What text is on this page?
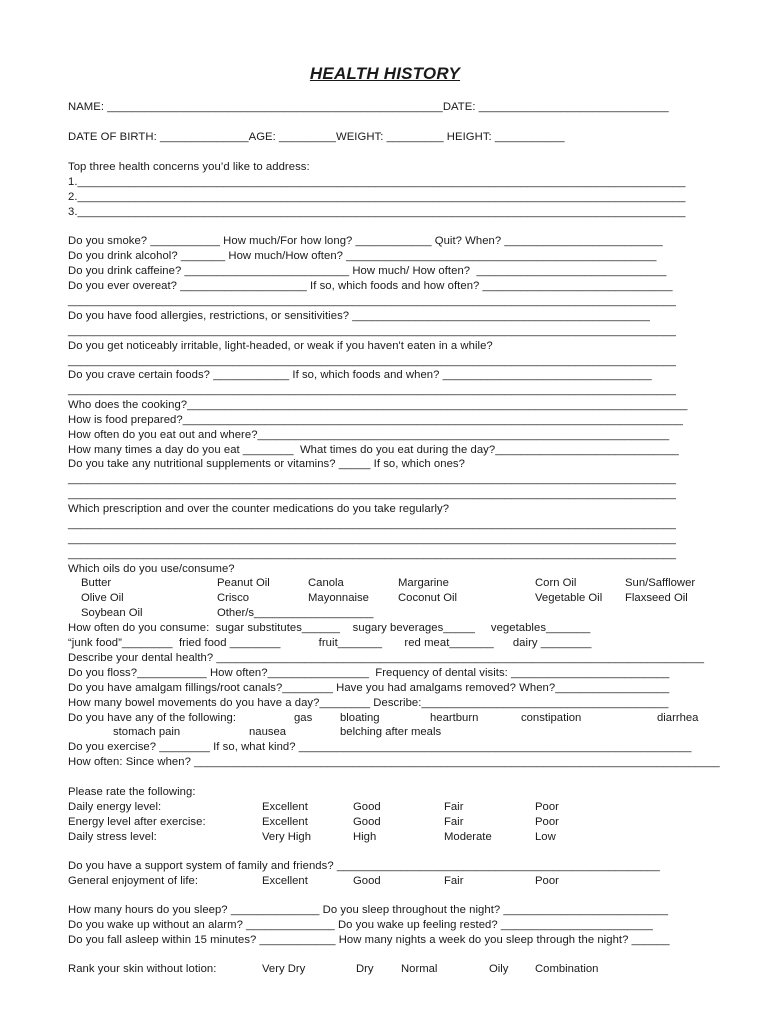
HEALTH HISTORY
NAME: _____________________________________________________DATE: ______________________________
DATE OF BIRTH: ______________AGE: _________WEIGHT: _________ HEIGHT: ___________
Top three health concerns you’d like to address:
1.________________________________________________________________________________________________
2.________________________________________________________________________________________________
3.________________________________________________________________________________________________
Do you smoke? ___________ How much/For how long? ____________ Quit? When? _________________________
Do you drink alcohol? _______ How much/How often? _________________________________________________
Do you drink caffeine? __________________________ How much/ How often?  ______________________________
Do you ever overeat? ____________________ If so, which foods and how often? ______________________________
________________________________________________________________________________________________
Do you have food allergies, restrictions, or sensitivities? _______________________________________________
________________________________________________________________________________________________
Do you get noticeably irritable, light-headed, or weak if you haven't eaten in a while?
________________________________________________________________________________________________
Do you crave certain foods? ____________ If so, which foods and when? _________________________________
________________________________________________________________________________________________
Who does the cooking?_______________________________________________________________________________
How is food prepared?_______________________________________________________________________________
How often do you eat out and where?_________________________________________________________________
How many times a day do you eat ________  What times do you eat during the day?_____________________________
Do you take any nutritional supplements or vitamins? _____ If so, which ones?
________________________________________________________________________________________________
________________________________________________________________________________________________
Which prescription and over the counter medications do you take regularly?
________________________________________________________________________________________________
________________________________________________________________________________________________
________________________________________________________________________________________________
Which oils do you use/consume?
Butter	Peanut Oil	Canola	Margarine	Corn Oil	Sun/Safflower
Olive Oil	Crisco	Mayonnaise	Coconut Oil	Vegetable Oil Flaxseed Oil
Soybean Oil	Other/s___________________
How often do you consume:  sugar substitutes______    sugary beverages_____     vegetables_______
“junk food”________  fried food ________            fruit_______       red meat_______      dairy ________
Describe your dental health? _____________________________________________________________________________
Do you floss?___________ How often?________________  Frequency of dental visits: _________________________
Do you have amalgam fillings/root canals?________ Have you had amalgams removed? When?__________________
How many bowel movements do you have a day?________ Describe:_______________________________________
Do you have any of the following:	gas bloating	heartburn	constipation	diarrhea
stomach pain	nausea	belching after meals
Do you exercise? ________ If so, what kind? ______________________________________________________________
How often: Since when? ___________________________________________________________________________________
Please rate the following:
Daily energy level:	Excellent	Good	Fair	Poor
Energy level after exercise:	Excellent	Good	Fair	Poor
Daily stress level:	Very High	High	Moderate	Low
Do you have a support system of family and friends? ___________________________________________________
General enjoyment of life:	Excellent	Good	Fair	Poor
How many hours do you sleep? ______________ Do you sleep throughout the night? __________________________
Do you wake up without an alarm? ______________ Do you wake up feeling rested? ________________________
Do you fall asleep within 15 minutes? ____________ How many nights a week do you sleep through the night? ______
Rank your skin without lotion:	Very Dry	Dry Normal	Oily Combination
